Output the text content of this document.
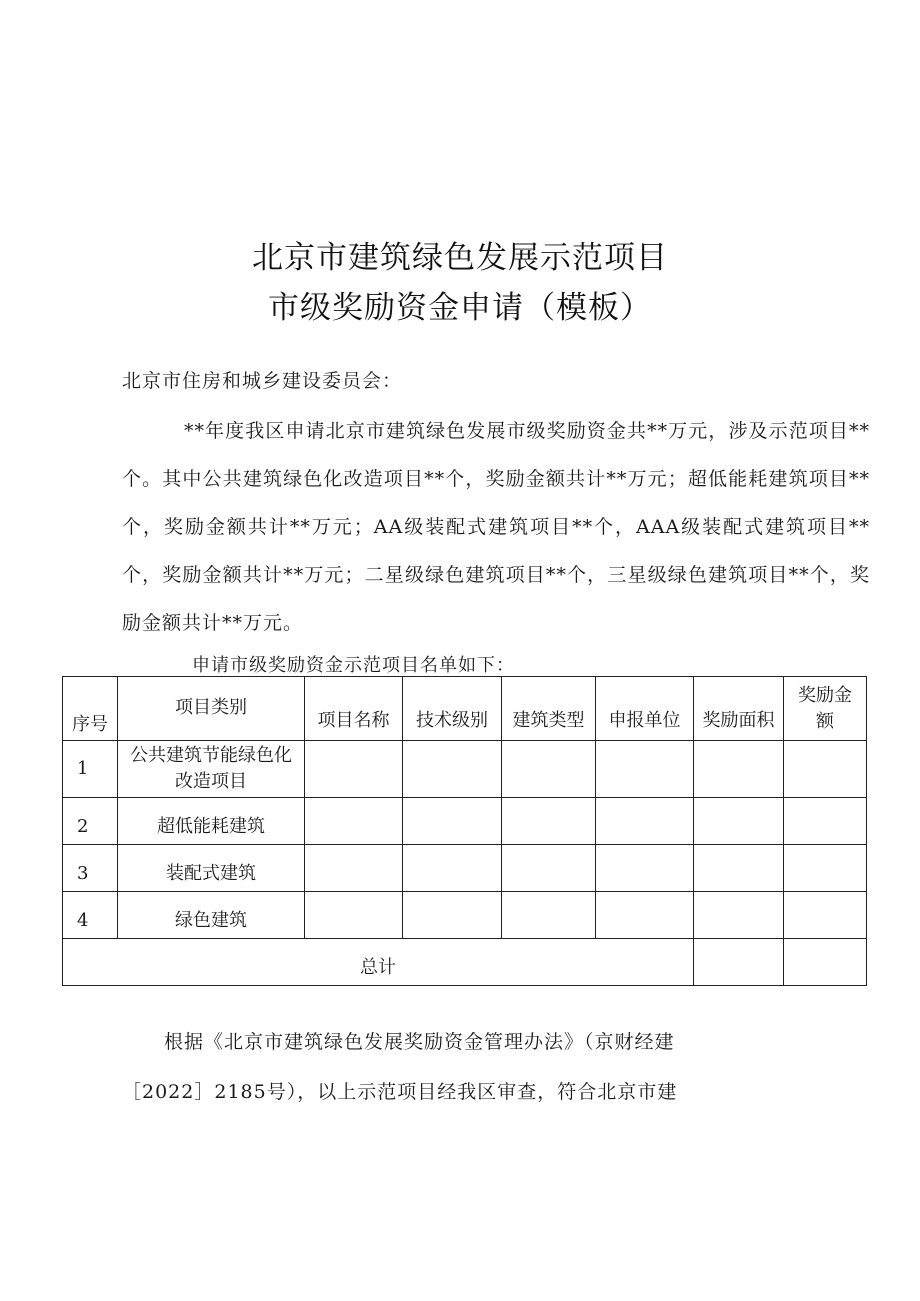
北京市建筑绿色发展示范项目
市级奖励资金申请（模板）
北京市住房和城乡建设委员会：
**年度我区申请北京市建筑绿色发展市级奖励资金共**万元，涉及示范项目**个。其中公共建筑绿色化改造项目**个，奖励金额共计**万元；超低能耗建筑项目**个，奖励金额共计**万元；AA级装配式建筑项目**个，AAA级装配式建筑项目**个，奖励金额共计**万元；二星级绿色建筑项目**个，三星级绿色建筑项目**个，奖励金额共计**万元。
申请市级奖励资金示范项目名单如下：
序号	项目类别	项目名称	技术级别	建筑类型	申报单位	奖励面积	奖励金额
1	公共建筑节能绿色化改造项目						
2	超低能耗建筑						
3	装配式建筑						
4	绿色建筑						
总计							
根据《北京市建筑绿色发展奖励资金管理办法》（京财经建
［2022］2185号），以上示范项目经我区审查，符合北京市建
